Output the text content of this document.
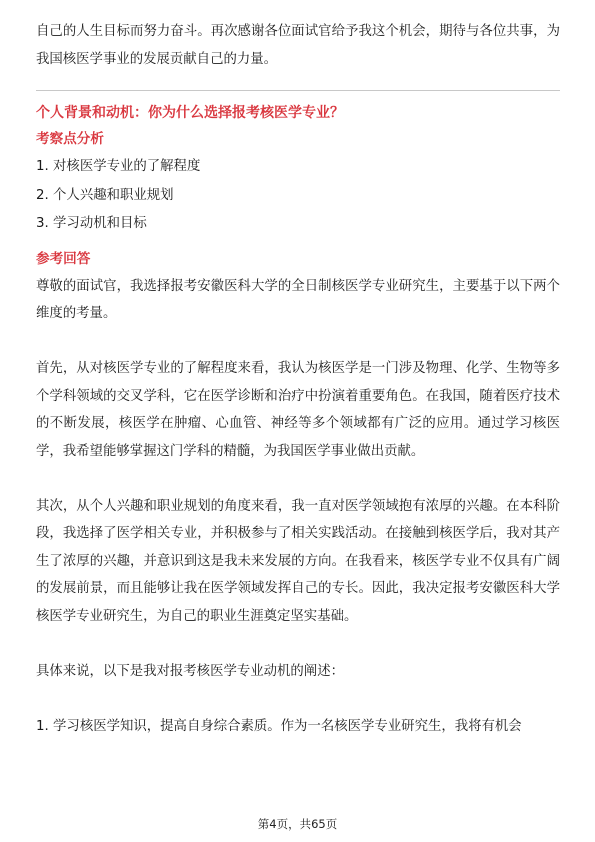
自己的人生目标而努力奋斗。再次感谢各位面试官给予我这个机会，期待与各位共事，为我国核医学事业的发展贡献自己的力量。

个人背景和动机：你为什么选择报考核医学专业？
考察点分析
1. 对核医学专业的了解程度
2. 个人兴趣和职业规划
3. 学习动机和目标
参考回答

尊敬的面试官，我选择报考安徽医科大学的全日制核医学专业研究生，主要基于以下两个维度的考量。

首先，从对核医学专业的了解程度来看，我认为核医学是一门涉及物理、化学、生物等多个学科领域的交叉学科，它在医学诊断和治疗中扮演着重要角色。在我国，随着医疗技术的不断发展，核医学在肿瘤、心血管、神经等多个领域都有广泛的应用。通过学习核医学，我希望能够掌握这门学科的精髓，为我国医学事业做出贡献。

其次，从个人兴趣和职业规划的角度来看，我一直对医学领域抱有浓厚的兴趣。在本科阶段，我选择了医学相关专业，并积极参与了相关实践活动。在接触到核医学后，我对其产生了浓厚的兴趣，并意识到这是我未来发展的方向。在我看来，核医学专业不仅具有广阔的发展前景，而且能够让我在医学领域发挥自己的专长。因此，我决定报考安徽医科大学核医学专业研究生，为自己的职业生涯奠定坚实基础。

具体来说，以下是我对报考核医学专业动机的阐述：

1. 学习核医学知识，提高自身综合素质。作为一名核医学专业研究生，我将有机会

第4页，共65页
